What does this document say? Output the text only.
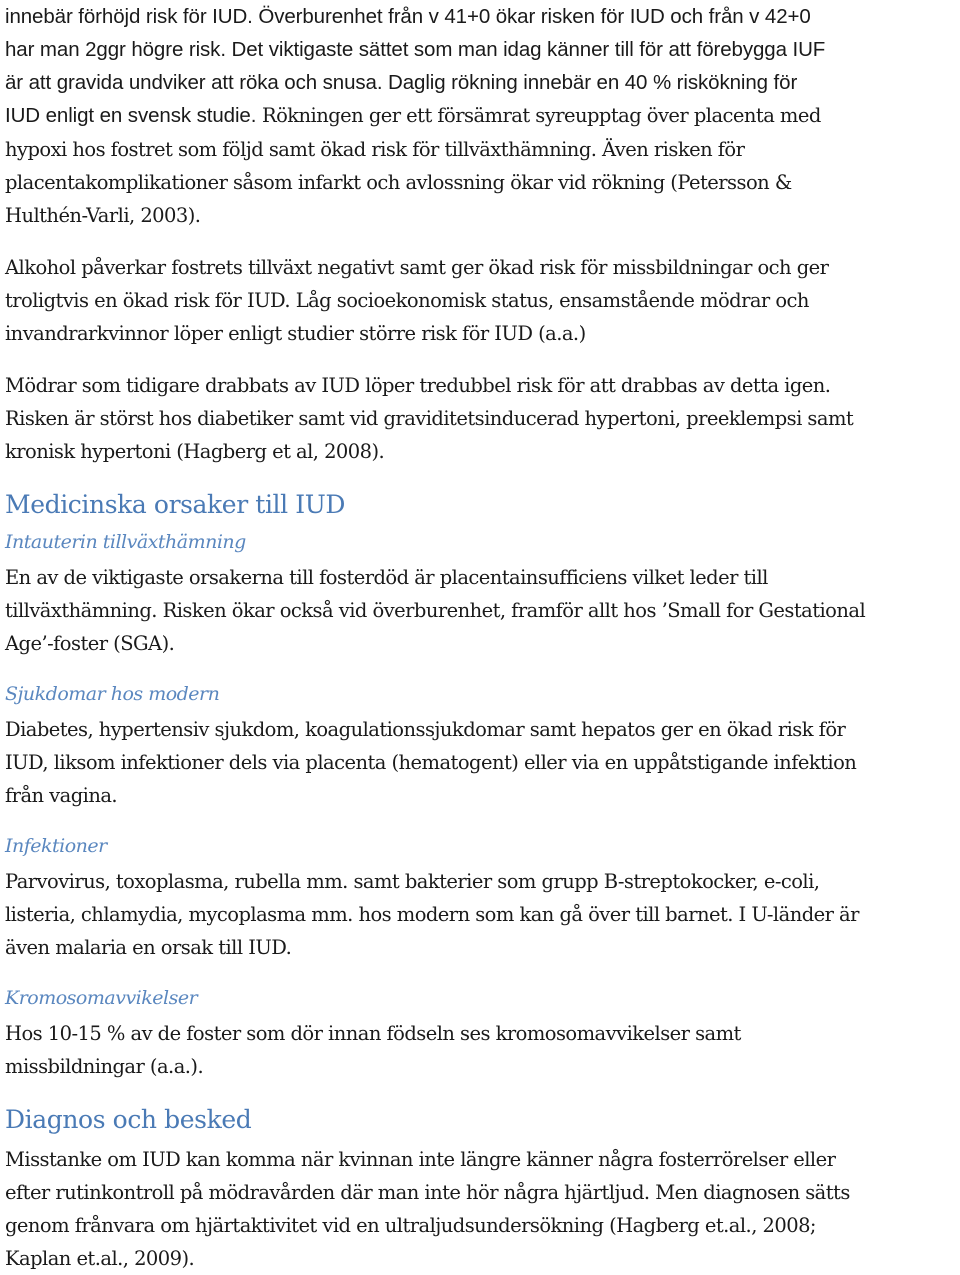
innebär förhöjd risk för IUD. Överburenhet från v 41+0 ökar risken för IUD och från v 42+0
har man 2ggr högre risk. Det viktigaste sättet som man idag känner till för att förebygga IUF
är att gravida undviker att röka och snusa. Daglig rökning innebär en 40 % riskökning för
IUD enligt en svensk studie. Rökningen ger ett försämrat syreupptag över placenta med
hypoxi hos fostret som följd samt ökad risk för tillväxthämning. Även risken för
placentakomplikationer såsom infarkt och avlossning ökar vid rökning (Petersson &
Hulthén-Varli, 2003).
Alkohol påverkar fostrets tillväxt negativt samt ger ökad risk för missbildningar och ger
troligtvis en ökad risk för IUD. Låg socioekonomisk status, ensamstående mödrar och
invandrarkvinnor löper enligt studier större risk för IUD (a.a.)
Mödrar som tidigare drabbats av IUD löper tredubbel risk för att drabbas av detta igen.
Risken är störst hos diabetiker samt vid graviditetsinducerad hypertoni, preeklempsi samt
kronisk hypertoni (Hagberg et al, 2008).
Medicinska orsaker till IUD
Intauterin tillväxthämning
En av de viktigaste orsakerna till fosterdöd är placentainsufficiens vilket leder till
tillväxthämning. Risken ökar också vid överburenhet, framför allt hos ’Small for Gestational
Age’-foster (SGA).
Sjukdomar hos modern
Diabetes, hypertensiv sjukdom, koagulationssjukdomar samt hepatos ger en ökad risk för
IUD, liksom infektioner dels via placenta (hematogent) eller via en uppåtstigande infektion
från vagina.
Infektioner
Parvovirus, toxoplasma, rubella mm. samt bakterier som grupp B-streptokocker, e-coli,
listeria, chlamydia, mycoplasma mm. hos modern som kan gå över till barnet. I U-länder är
även malaria en orsak till IUD.
Kromosomavvikelser
Hos 10-15 % av de foster som dör innan födseln ses kromosomavvikelser samt
missbildningar (a.a.).
Diagnos och besked
Misstanke om IUD kan komma när kvinnan inte längre känner några fosterrörelser eller
efter rutinkontroll på mödravården där man inte hör några hjärtljud. Men diagnosen sätts
genom frånvara om hjärtaktivitet vid en ultraljudsundersökning (Hagberg et.al., 2008;
Kaplan et.al., 2009).
